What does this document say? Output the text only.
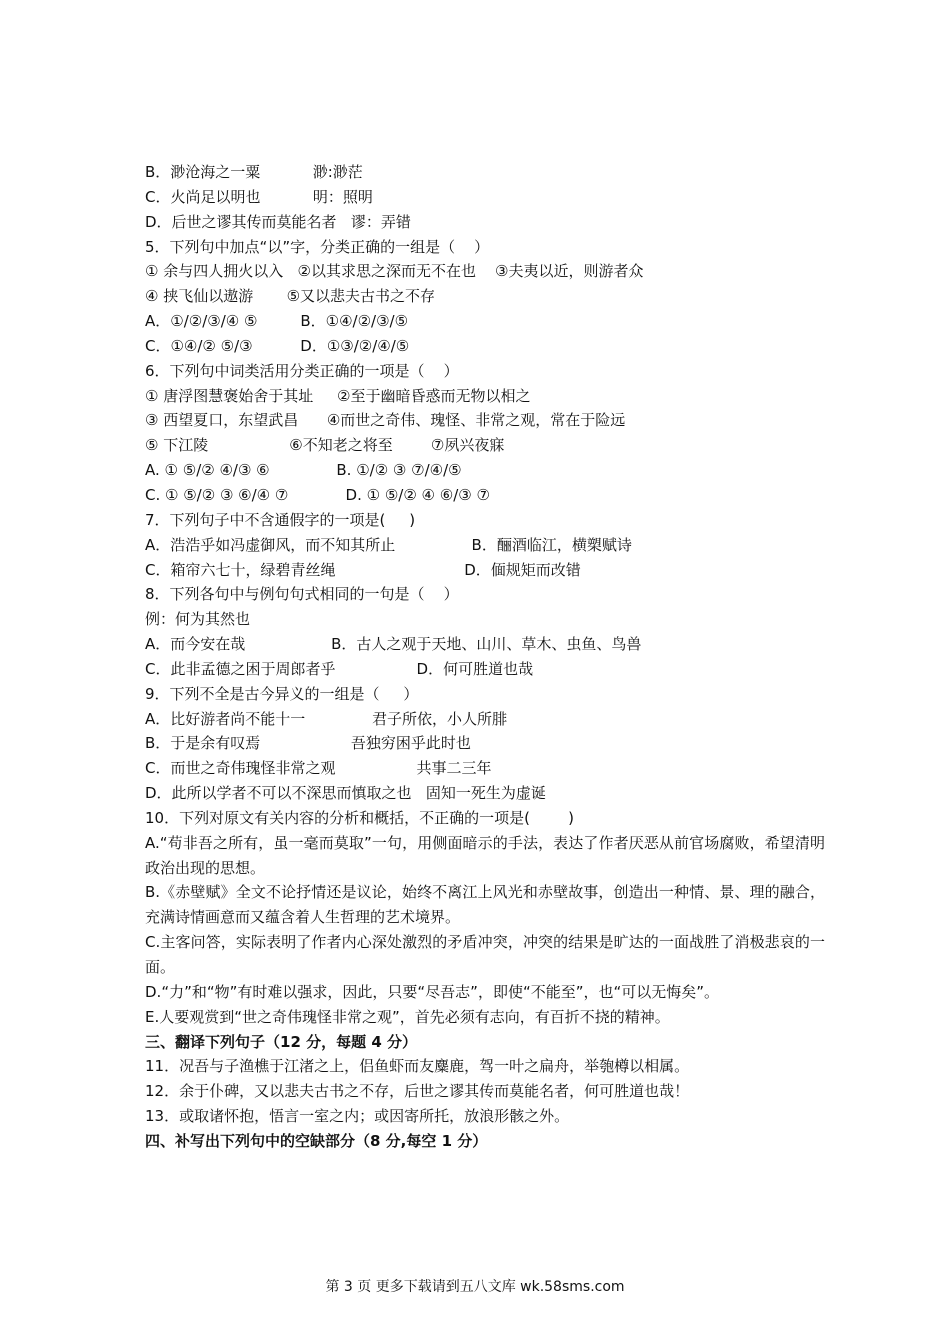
B．渺沧海之一粟           渺:渺茫
C．火尚足以明也           明：照明
D．后世之谬其传而莫能名者   谬：弄错
5．下列句中加点“以”字，分类正确的一组是（    ）
① 余与四人拥火以入   ②以其求思之深而无不在也    ③夫夷以近，则游者众
④ 挟飞仙以遨游       ⑤又以悲夫古书之不存
A．①/②/③/④ ⑤         B．①④/②/③/⑤
C．①④/② ⑤/③          D．①③/②/④/⑤
6．下列句中词类活用分类正确的一项是（    ）
① 唐浮图慧褒始舍于其址     ②至于幽暗昏惑而无物以相之
③ 西望夏口，东望武昌      ④而世之奇伟、瑰怪、非常之观，常在于险远
⑤ 下江陵                 ⑥不知老之将至        ⑦夙兴夜寐
A. ① ⑤/② ④/③ ⑥              B. ①/② ③ ⑦/④/⑤
C. ① ⑤/② ③ ⑥/④ ⑦            D. ① ⑤/② ④ ⑥/③ ⑦
7．下列句子中不含通假字的一项是(     )
A．浩浩乎如冯虚御风，而不知其所止                B．酾酒临江，横槊赋诗
C．箱帘六七十，绿碧青丝绳                           D．偭规矩而改错
8．下列各句中与例句句式相同的一句是（    ）
例：何为其然也
A．而今安在哉                  B．古人之观于天地、山川、草木、虫鱼、鸟兽
C．此非孟德之困于周郎者乎                 D．何可胜道也哉
9．下列不全是古今异义的一组是（     ）
A．比好游者尚不能十一              君子所依，小人所腓
B．于是余有叹焉                   吾独穷困乎此时也
C．而世之奇伟瑰怪非常之观                 共事二三年
D．此所以学者不可以不深思而慎取之也   固知一死生为虚诞
10．下列对原文有关内容的分析和概括，不正确的一项是(        )
A.“苟非吾之所有，虽一毫而莫取”一句，用侧面暗示的手法，表达了作者厌恶从前官场腐败，希望清明政治出现的思想。
B.《赤壁赋》全文不论抒情还是议论，始终不离江上风光和赤壁故事，创造出一种情、景、理的融合，充满诗情画意而又蕴含着人生哲理的艺术境界。
C.主客问答，实际表明了作者内心深处激烈的矛盾冲突，冲突的结果是旷达的一面战胜了消极悲哀的一面。
D.“力”和“物”有时难以强求，因此，只要“尽吾志”，即使“不能至”，也“可以无悔矣”。
E.人要观赏到“世之奇伟瑰怪非常之观”，首先必须有志向，有百折不挠的精神。
三、翻译下列句子（12 分，每题 4 分）
11．况吾与子渔樵于江渚之上，侣鱼虾而友麋鹿，驾一叶之扁舟，举匏樽以相属。
12．余于仆碑，又以悲夫古书之不存，后世之谬其传而莫能名者，何可胜道也哉！
13．或取诸怀抱，悟言一室之内；或因寄所托，放浪形骸之外。
四、补写出下列句中的空缺部分（8 分,每空 1 分）
第 3 页 更多下载请到五八文库 wk.58sms.com
